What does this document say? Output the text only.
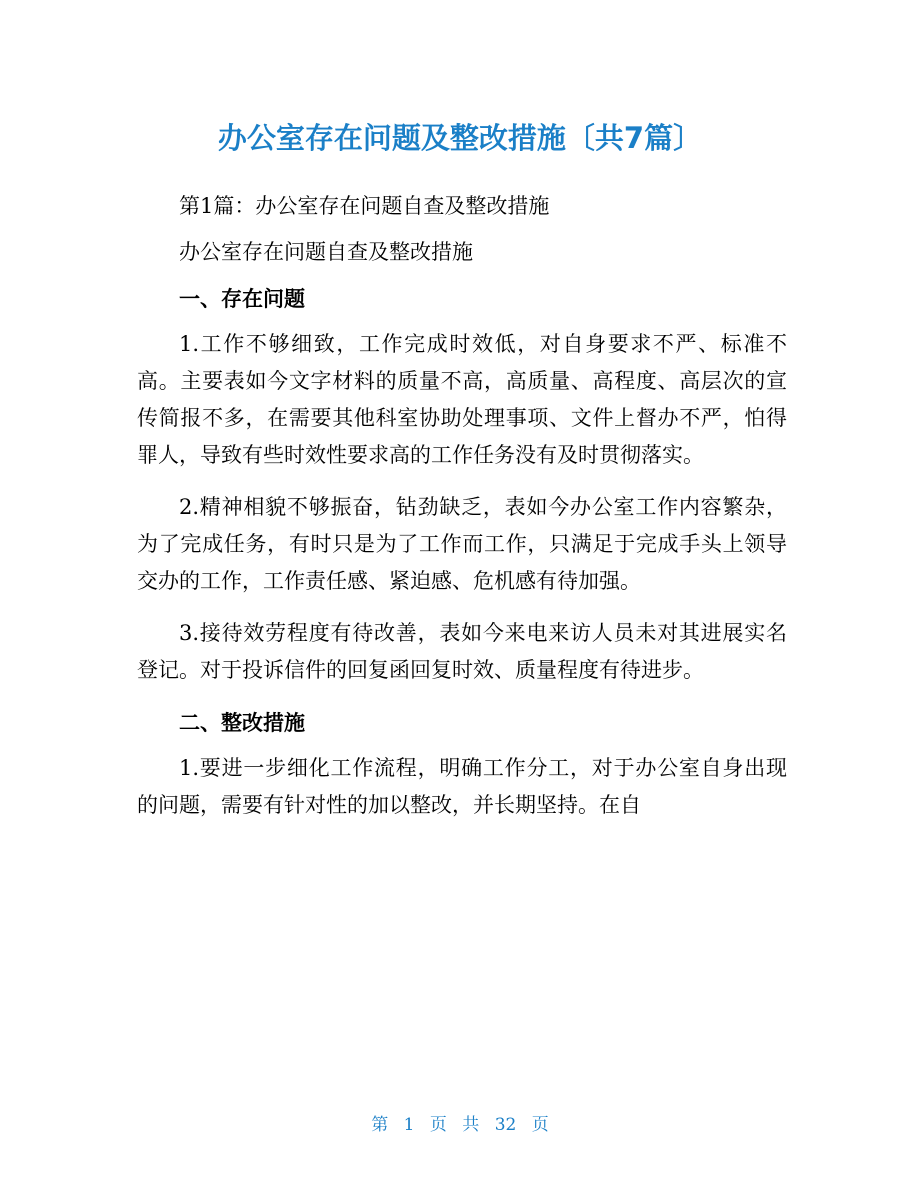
办公室存在问题及整改措施〔共7篇〕

第1篇：办公室存在问题自查及整改措施

办公室存在问题自查及整改措施

一、存在问题

1.工作不够细致，工作完成时效低，对自身要求不严、标准不高。主要表如今文字材料的质量不高，高质量、高程度、高层次的宣传简报不多，在需要其他科室协助处理事项、文件上督办不严，怕得罪人，导致有些时效性要求高的工作任务没有及时贯彻落实。

2.精神相貌不够振奋，钻劲缺乏，表如今办公室工作内容繁杂，为了完成任务，有时只是为了工作而工作，只满足于完成手头上领导交办的工作，工作责任感、紧迫感、危机感有待加强。

3.接待效劳程度有待改善，表如今来电来访人员未对其进展实名登记。对于投诉信件的回复函回复时效、质量程度有待进步。

二、整改措施

1.要进一步细化工作流程，明确工作分工，对于办公室自身出现的问题，需要有针对性的加以整改，并长期坚持。在自

第 1 页 共 32 页
